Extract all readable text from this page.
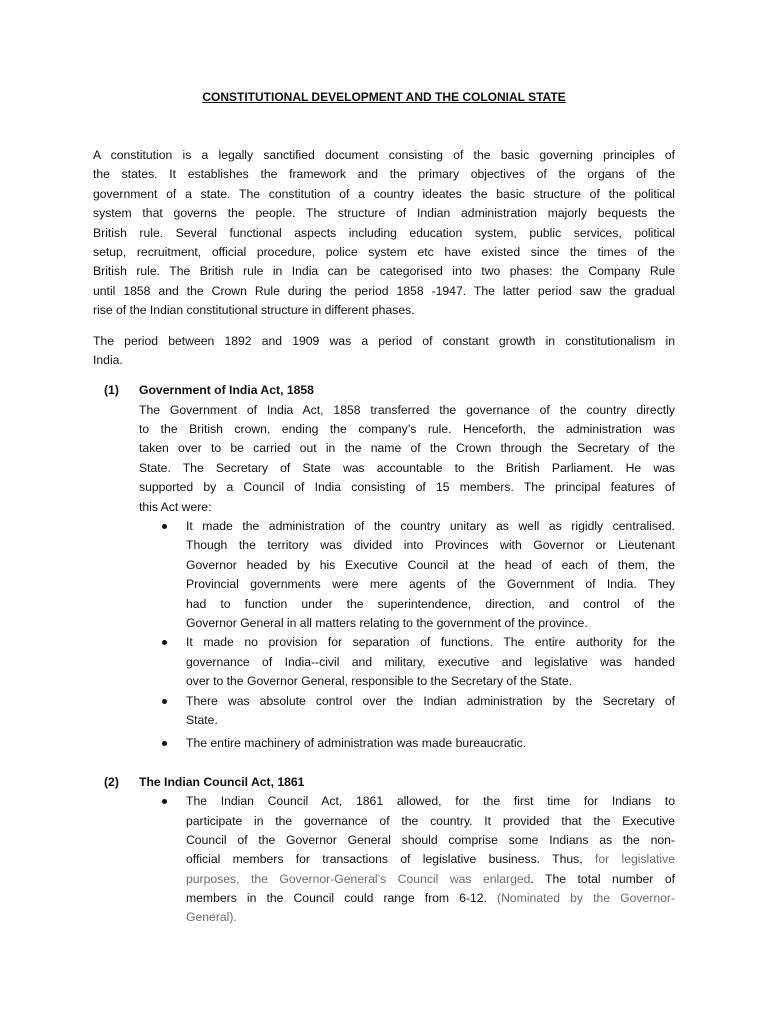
CONSTITUTIONAL DEVELOPMENT AND THE COLONIAL STATE
A constitution is a legally sanctified document consisting of the basic governing principles of
the states. It establishes the framework and the primary objectives of the organs of the
government of a state. The constitution of a country ideates the basic structure of the political
system that governs the people. The structure of Indian administration majorly bequests the
British rule. Several functional aspects including education system, public services, political
setup, recruitment, official procedure, police system etc have existed since the times of the
British rule. The British rule in India can be categorised into two phases: the Company Rule
until 1858 and the Crown Rule during the period 1858 -1947. The latter period saw the gradual
rise of the Indian constitutional structure in different phases.
The period between 1892 and 1909 was a period of constant growth in constitutionalism in
India.
(1) Government of India Act, 1858
The Government of India Act, 1858 transferred the governance of the country directly
to the British crown, ending the company’s rule. Henceforth, the administration was
taken over to be carried out in the name of the Crown through the Secretary of the
State. The Secretary of State was accountable to the British Parliament. He was
supported by a Council of India consisting of 15 members. The principal features of
this Act were:
It made the administration of the country unitary as well as rigidly centralised.
Though the territory was divided into Provinces with Governor or Lieutenant
Governor headed by his Executive Council at the head of each of them, the
Provincial governments were mere agents of the Government of India. They
had to function under the superintendence, direction, and control of the
Governor General in all matters relating to the government of the province.
It made no provision for separation of functions. The entire authority for the
governance of India--civil and military, executive and legislative was handed
over to the Governor General, responsible to the Secretary of the State.
There was absolute control over the Indian administration by the Secretary of
State.
The entire machinery of administration was made bureaucratic.
(2) The Indian Council Act, 1861
The Indian Council Act, 1861 allowed, for the first time for Indians to
participate in the governance of the country. It provided that the Executive
Council of the Governor General should comprise some Indians as the non-
official members for transactions of legislative business. Thus, for legislative
purposes, the Governor-General’s Council was enlarged. The total number of
members in the Council could range from 6-12. (Nominated by the Governor-
General).
